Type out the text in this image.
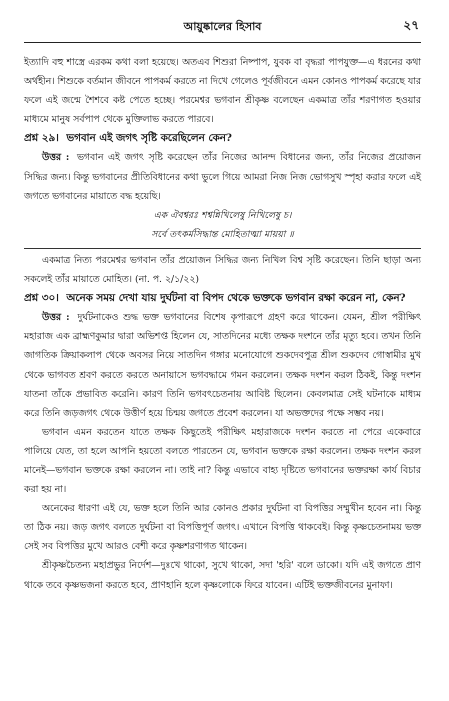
আয়ুষ্কালের হিসাব	২৭

ইত্যাদি বহু শাস্ত্রে এরকম কথা বলা হয়েছে। অতএব শিশুরা নিষ্পাপ, যুবক বা বৃদ্ধরা পাপযুক্ত—এ ধরনের কথা অর্থহীন। শিশুকে বর্তমান জীবনে পাপকর্ম করতে না দিখে গেলেও পূর্বজীবনে এমন কোনও পাপকর্ম করেছে যার ফলে এই জন্মে শৈশবে কষ্ট পেতে হচ্ছে। পরমেশ্বর ভগবান শ্রীকৃষ্ণ বলেছেন একমাত্র তাঁর শরণাগত হওয়ার মাধ্যমে মানুষ সর্বপাপ থেকে মুক্তিলাভ করতে পারবে।

প্রশ্ন ২৯। ভগবান এই জগৎ সৃষ্টি করেছিলেন কেন?

উত্তর : ভগবান এই জগৎ সৃষ্টি করেছেন তাঁর নিজের আনন্দ বিধানের জন্য, তাঁর নিজের প্রয়োজন সিদ্ধির জন্য। কিন্তু ভগবানের প্রীতিবিধানের কথা ভুলে গিয়ে আমরা নিজ নিজ ভোগসুখ স্পৃহা করার ফলে এই জগতে ভগবানের মায়াতে বদ্ধ হয়েছি।

এক ঐবশ্বরঃ শশ্বন্নিখিলেষু নিখিলেষু চ।

সর্বে তৎকর্মসিদ্ধান্ত মোহিতাত্মা মায়য়া ॥

একমাত্র নিত্য পরমেশ্বর ভগবান তাঁর প্রয়োজন সিদ্ধির জন্য নিখিল বিশ্ব সৃষ্টি করেছেন। তিনি ছাড়া অন্য সকলেই তাঁর মায়াতে মোহিত। (না. প. ২/১/২২)

প্রশ্ন ৩০। অনেক সময় দেখা যায় দুর্ঘটনা বা বিপদ থেকে ভক্তকে ভগবান রক্ষা করেন না, কেন?

উত্তর : দুর্ঘটনাকেও শুদ্ধ ভক্ত ভগবানের বিশেষ কৃপারূপে গ্রহণ করে থাকেন। যেমন, শ্রীল পরীক্ষিৎ মহারাজ এক ব্রাহ্মণকুমার দ্বারা অভিশপ্ত হিলেন যে, সাতদিনের মধ্যে তক্ষক দংশনে তাঁর মৃত্যু হবে। তখন তিনি জাগতিক ক্রিয়াকলাপ থেকে অবসর নিয়ে সাতদিন গঙ্গার মনোযোগে শুকদেবপুত্র শ্রীল শুকদেব গোস্বামীর মুখ থেকে ভাগবত শ্রবণ করতে করতে অনায়াসে ভগবদ্ধামে গমন করলেন। তক্ষক দংশন করল ঠিকই, কিন্তু দংশন যাতনা তাঁকে প্রভাবিত করেনি। কারণ তিনি ভগবৎচেতনায় আবিষ্ট ছিলেন। কেবলমাত্র সেই ঘটনাকে মাধ্যম করে তিনি জড়জগৎ থেকে উত্তীর্ণ হয়ে চিন্ময় জগতে প্রবেশ করলেন। যা অভক্তদের পক্ষে সম্ভব নয়।

ভগবান এমন করতেন যাতে তক্ষক কিছুতেই পরীক্ষিৎ মহারাজকে দংশন করতে না পেরে একেবারে পালিয়ে যেত, তা হলে আপনি হয়তো বলতে পারতেন যে, ভগবান ভক্তকে রক্ষা করলেন। তক্ষক দংশন করল মানেই—ভগবান ভক্তকে রক্ষা করলেন না। তাই না? কিন্তু এভাবে বাহ্য দৃষ্টিতে ভগবানের ভক্তরক্ষা কার্য বিচার করা হয় না।

অনেকের ধারণা এই যে, ভক্ত হলে তিনি আর কোনও প্রকার দুর্ঘটনা বা বিপত্তির সম্মুখীন হবেন না। কিন্তু তা ঠিক নয়। জড় জগৎ বলতে দুর্ঘটনা বা বিপত্তিপূর্ণ জগৎ। এখানে বিপত্তি থাকবেই। কিন্তু কৃষ্ণচেতনাময় ভক্ত সেই সব বিপত্তির মুখে আরও বেশী করে কৃষ্ণশরণাগত থাকেন।

শ্রীকৃষ্ণচৈতন্য মহাপ্রভুর নির্দেশ—দুঃখে থাকো, সুখে থাকো, সদা 'হরি' বলে ডাকো। যদি এই জগতে প্রাণ থাকে তবে কৃষ্ণভজনা করতে হবে, প্রাণহানি হলে কৃষ্ণলোকে ফিরে যাবেন। এটিই ভক্তজীবনের মুনাফা।
